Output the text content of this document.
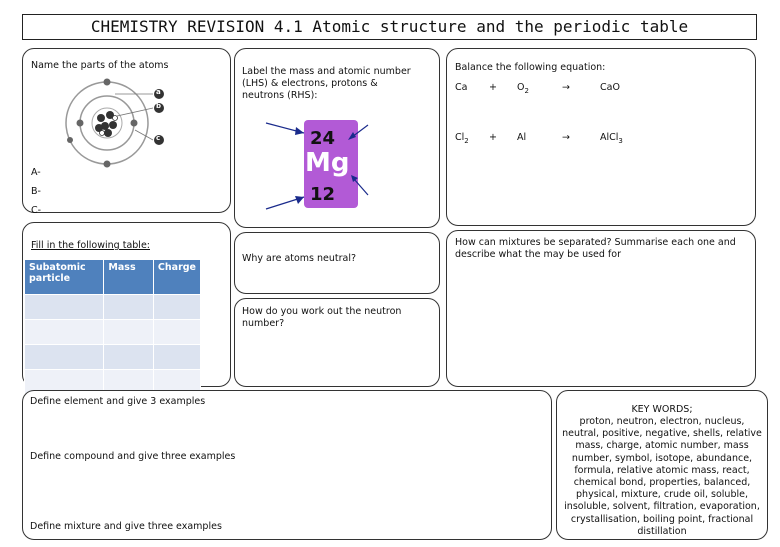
CHEMISTRY REVISION 4.1 Atomic structure and the periodic table
Name the parts of the atoms
a
b
c
A-
B-
C-
Fill in the following table:
Subatomic particle	Mass	Charge

Label the mass and atomic number (LHS) & electrons, protons & neutrons (RHS):
24
Mg
12
Why are atoms neutral?
How do you work out the neutron number?
Balance the following equation:
$Ca + O_2$	→	CaO
$Cl_2 + Al$	→	AlCl$_3$
How can mixtures be separated? Summarise each one and describe what the may be used for
Define element and give 3 examples
Define compound and give three examples
Define mixture and give three examples
KEY WORDS;
proton, neutron, electron, nucleus, neutral, positive, negative, shells, relative mass, charge, atomic number, mass number, symbol, isotope, abundance, formula, relative atomic mass, react, chemical bond, properties, balanced, physical, mixture, crude oil, soluble, insoluble, solvent, filtration, evaporation, crystallisation, boiling point, fractional distillation
